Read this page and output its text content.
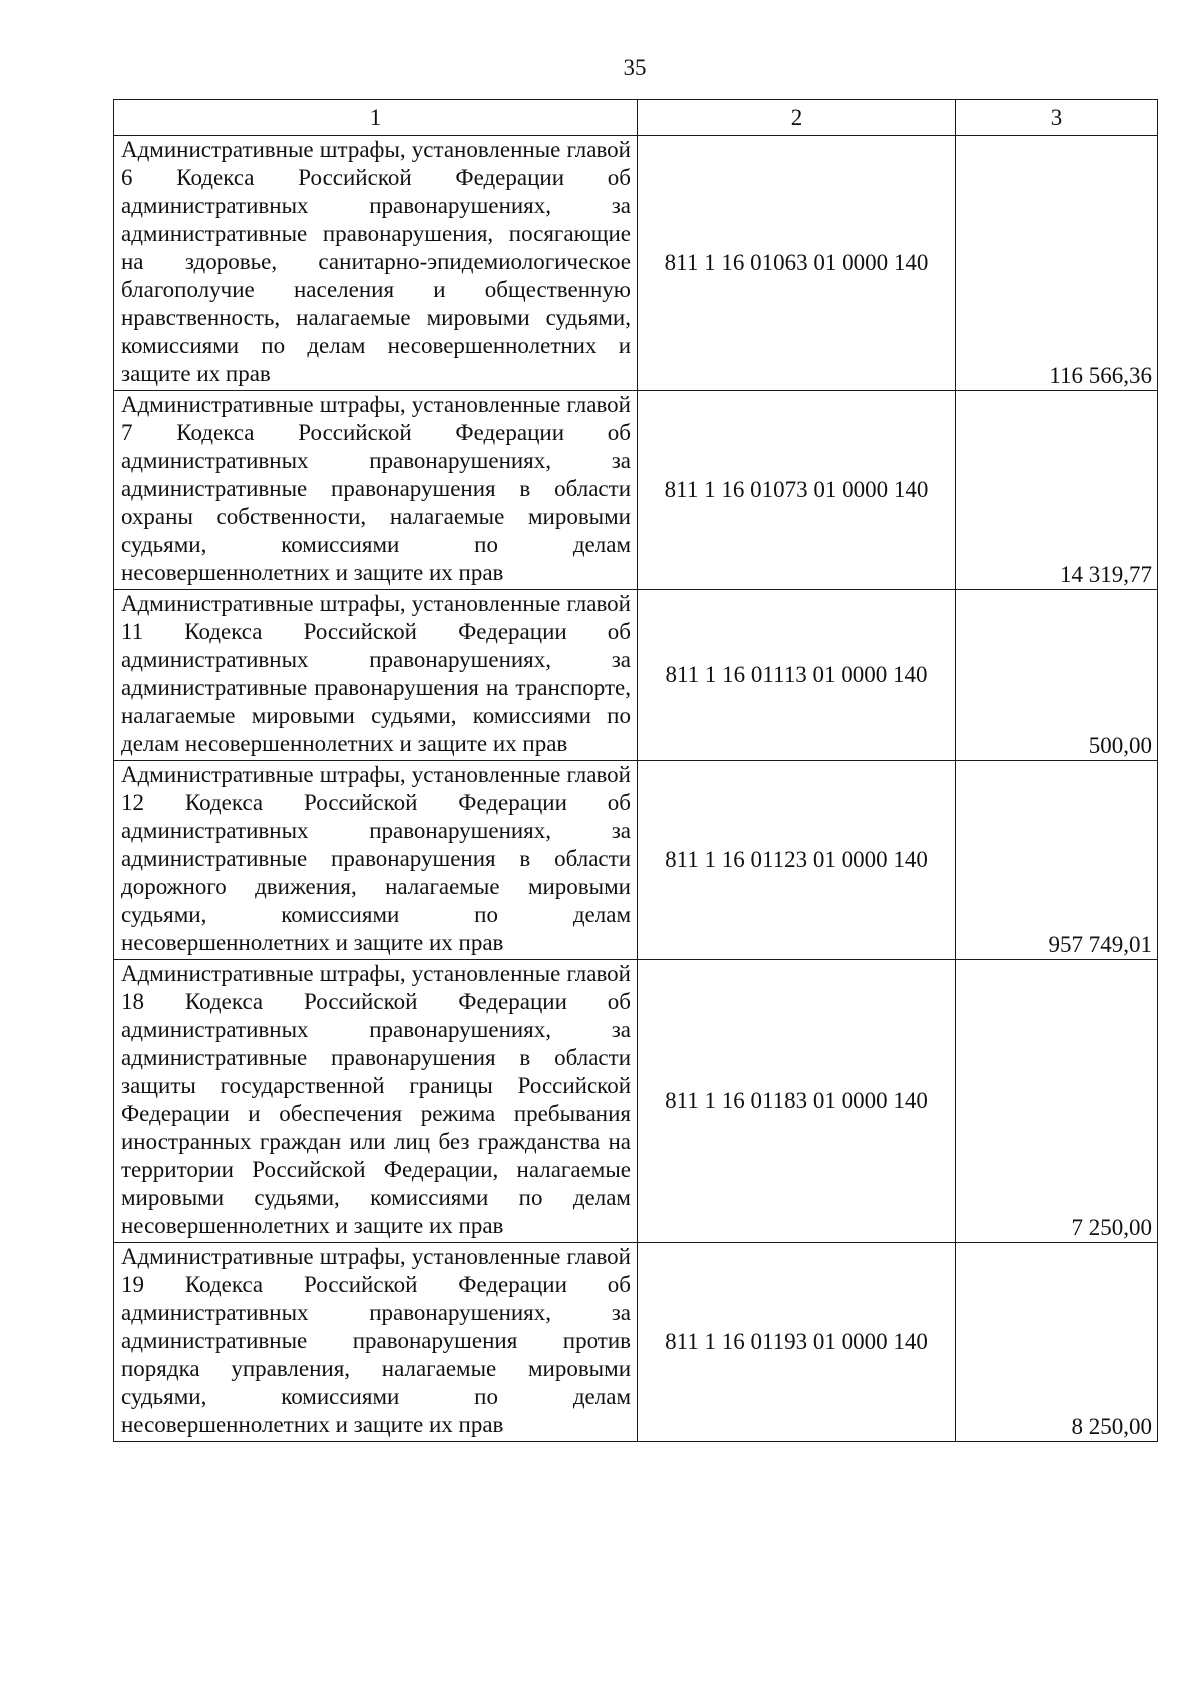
35
1	2	3
Административные штрафы, установленные главой 6 Кодекса Российской Федерации об административных правонарушениях, за административные правонарушения, посягающие на здоровье, санитарно-эпидемиологическое благополучие населения и общественную нравственность, налагаемые мировыми судьями, комиссиями по делам несовершеннолетних и защите их прав	811 1 16 01063 01 0000 140	116 566,36
Административные штрафы, установленные главой 7 Кодекса Российской Федерации об административных правонарушениях, за административные правонарушения в области охраны собственности, налагаемые мировыми судьями, комиссиями по делам несовершеннолетних и защите их прав	811 1 16 01073 01 0000 140	14 319,77
Административные штрафы, установленные главой 11 Кодекса Российской Федерации об административных правонарушениях, за административные правонарушения на транспорте, налагаемые мировыми судьями, комиссиями по делам несовершеннолетних и защите их прав	811 1 16 01113 01 0000 140	500,00
Административные штрафы, установленные главой 12 Кодекса Российской Федерации об административных правонарушениях, за административные правонарушения в области дорожного движения, налагаемые мировыми судьями, комиссиями по делам несовершеннолетних и защите их прав	811 1 16 01123 01 0000 140	957 749,01
Административные штрафы, установленные главой 18 Кодекса Российской Федерации об административных правонарушениях, за административные правонарушения в области защиты государственной границы Российской Федерации и обеспечения режима пребывания иностранных граждан или лиц без гражданства на территории Российской Федерации, налагаемые мировыми судьями, комиссиями по делам несовершеннолетних и защите их прав	811 1 16 01183 01 0000 140	7 250,00
Административные штрафы, установленные главой 19 Кодекса Российской Федерации об административных правонарушениях, за административные правонарушения против порядка управления, налагаемые мировыми судьями, комиссиями по делам несовершеннолетних и защите их прав	811 1 16 01193 01 0000 140	8 250,00
